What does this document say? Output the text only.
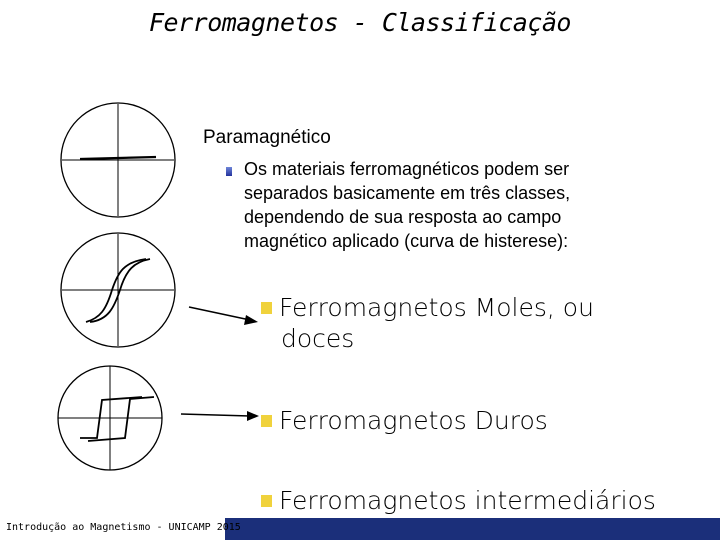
Ferromagnetos - Classificação
Paramagnético
Os materiais ferromagnéticos podem ser separados basicamente em três classes, dependendo de sua resposta ao campo magnético aplicado (curva de histerese):
Ferromagnetos Moles, ou
doces
Ferromagnetos Duros
Ferromagnetos intermediários
Introdução ao Magnetismo - UNICAMP 2015
